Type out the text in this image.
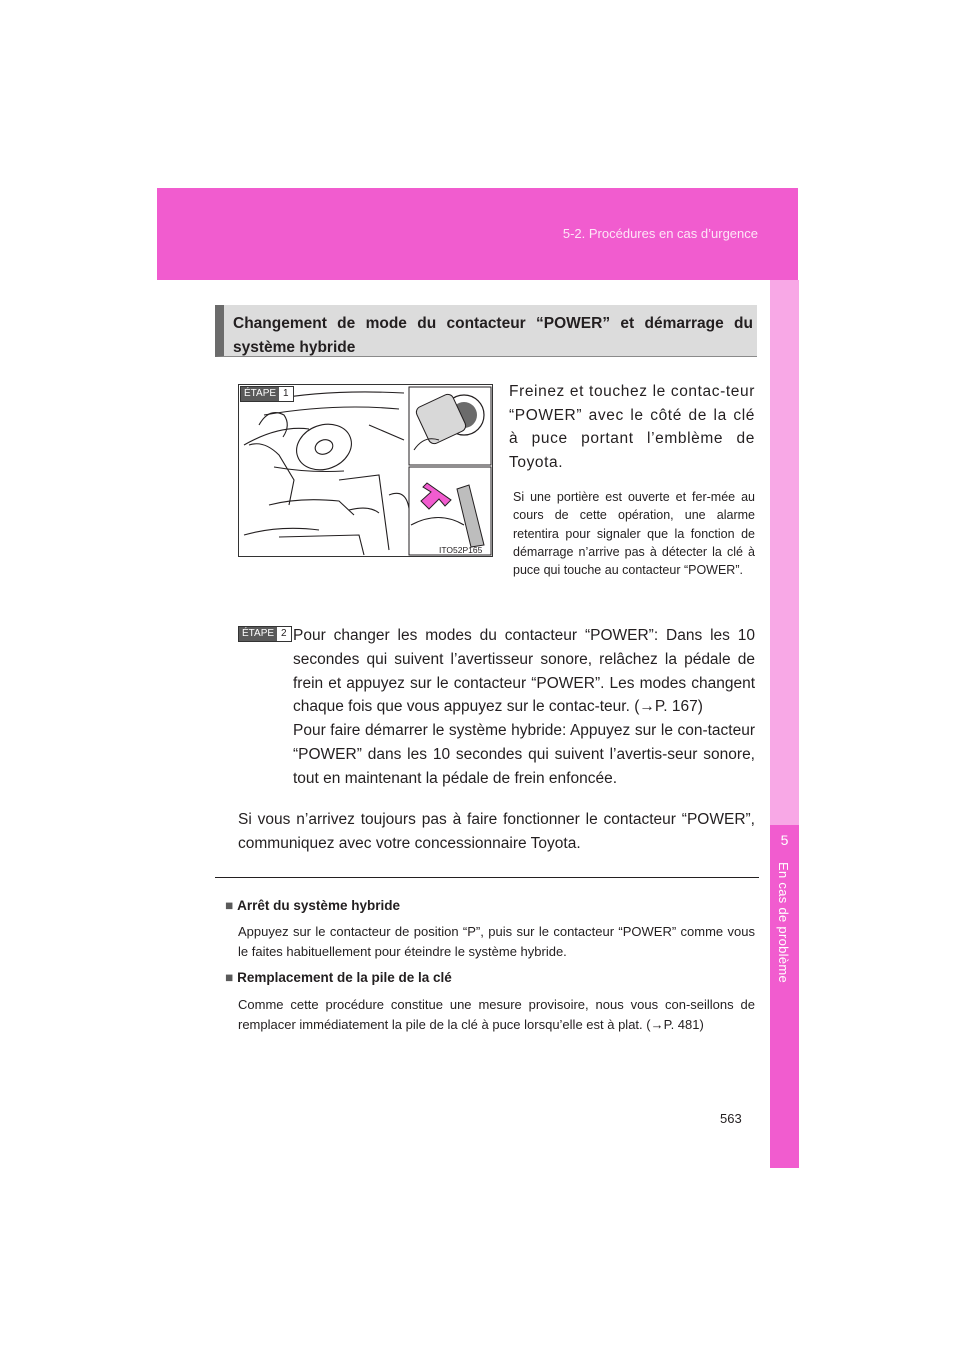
5-2. Procédures en cas d’urgence
5
En cas de problème
Changement de mode du contacteur “POWER” et démarrage du système hybride
ÉTAPE 1
ITO52P165
Freinez et touchez le contac-teur “POWER” avec le côté de la clé à puce portant l’emblème de Toyota.
Si une portière est ouverte et fer-mée au cours de cette opération, une alarme retentira pour signaler que la fonction de démarrage n’arrive pas à détecter la clé à puce qui touche au contacteur “POWER”.
ÉTAPE 2 Pour changer les modes du contacteur “POWER”: Dans les 10 secondes qui suivent l’avertisseur sonore, relâchez la pédale de frein et appuyez sur le contacteur “POWER”. Les modes changent chaque fois que vous appuyez sur le contac-teur. (→P. 167)

Pour faire démarrer le système hybride: Appuyez sur le con-tacteur “POWER” dans les 10 secondes qui suivent l’avertis-seur sonore, tout en maintenant la pédale de frein enfoncée.

Si vous n’arrivez toujours pas à faire fonctionner le contacteur “POWER”, communiquez avec votre concessionnaire Toyota.
■ Arrêt du système hybride
Appuyez sur le contacteur de position “P”, puis sur le contacteur “POWER” comme vous le faites habituellement pour éteindre le système hybride.
■ Remplacement de la pile de la clé
Comme cette procédure constitue une mesure provisoire, nous vous con-seillons de remplacer immédiatement la pile de la clé à puce lorsqu’elle est à plat. (→P. 481)
563
